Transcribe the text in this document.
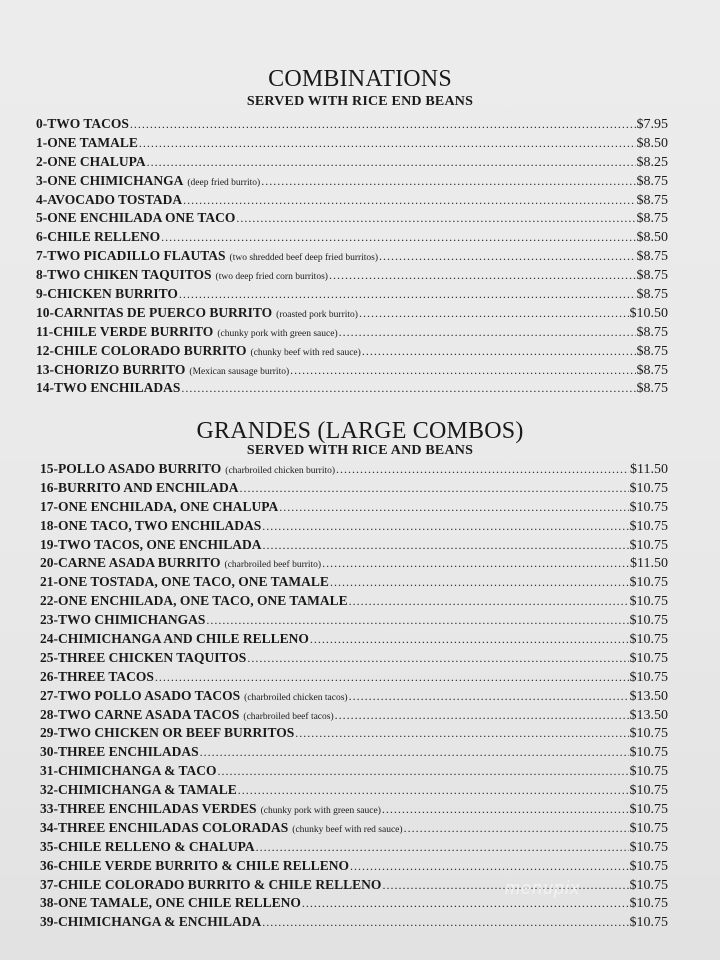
COMBINATIONS
SERVED WITH RICE END BEANS
0- TWO TACOS .....	$7.95
1- ONE TAMALE .....	$8.50
2- ONE CHALUPA .....	$8.25
3- ONE CHIMICHANGA (deep fried burrito) .....	$8.75
4- AVOCADO TOSTADA .....	$8.75
5- ONE ENCHILADA ONE TACO .....	$8.75
6- CHILE RELLENO .....	$8.50
7- TWO PICADILLO FLAUTAS (two shredded beef deep fried burritos) .....	$8.75
8- TWO CHIKEN TAQUITOS (two deep fried corn burritos) .....	$8.75
9- CHICKEN BURRITO .....	$8.75
10- CARNITAS DE PUERCO BURRITO (roasted pork burrito) .....	$10.50
11- CHILE VERDE BURRITO (chunky pork with green sauce) .....	$8.75
12- CHILE COLORADO BURRITO (chunky beef with red sauce) .....	$8.75
13- CHORIZO BURRITO (Mexican sausage burrito) .....	$8.75
14- TWO ENCHILADAS .....	$8.75
GRANDES (LARGE COMBOS)
SERVED WITH RICE AND BEANS
15- POLLO ASADO BURRITO (charbroiled chicken burrito) .....	$11.50
16- BURRITO AND ENCHILADA .....	$10.75
17- ONE ENCHILADA, ONE CHALUPA .....	$10.75
18- ONE TACO, TWO ENCHILADAS .....	$10.75
19- TWO TACOS, ONE ENCHILADA .....	$10.75
20- CARNE ASADA BURRITO (charbroiled beef burrito) .....	$11.50
21- ONE TOSTADA, ONE TACO, ONE TAMALE .....	$10.75
22- ONE ENCHILADA, ONE TACO, ONE TAMALE .....	$10.75
23- TWO CHIMICHANGAS .....	$10.75
24- CHIMICHANGA AND CHILE RELLENO .....	$10.75
25- THREE CHICKEN TAQUITOS .....	$10.75
26- THREE TACOS .....	$10.75
27- TWO POLLO ASADO TACOS (charbroiled chicken tacos) .....	$13.50
28- TWO CARNE ASADA TACOS (charbroiled beef tacos) .....	$13.50
29- TWO CHICKEN OR BEEF BURRITOS .....	$10.75
30- THREE ENCHILADAS .....	$10.75
31- CHIMICHANGA & TACO .....	$10.75
32- CHIMICHANGA & TAMALE .....	$10.75
33- THREE ENCHILADAS VERDES (chunky pork with green sauce) .....	$10.75
34- THREE ENCHILADAS COLORADAS (chunky beef with red sauce) .....	$10.75
35- CHILE RELLENO & CHALUPA .....	$10.75
36- CHILE VERDE BURRITO & CHILE RELLENO .....	$10.75
37- CHILE COLORADO BURRITO & CHILE RELLENO .....	$10.75
38- ONE TAMALE, ONE CHILE RELLENO .....	$10.75
39- CHIMICHANGA & ENCHILADA .....	$10.75
menupix
